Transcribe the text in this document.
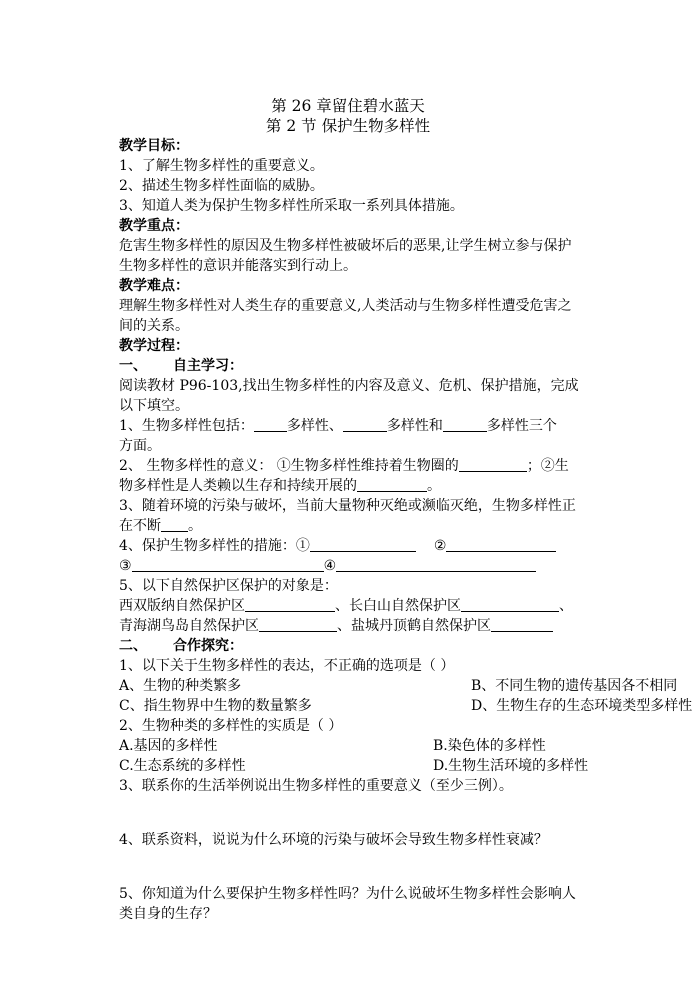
第 26 章留住碧水蓝天
第 2 节 保护生物多样性
教学目标：
1、了解生物多样性的重要意义。
2、描述生物多样性面临的威胁。
3、知道人类为保护生物多样性所采取一系列具体措施。
教学重点：
危害生物多样性的原因及生物多样性被破坏后的恶果,让学生树立参与保护
生物多样性的意识并能落实到行动上。
教学难点：
理解生物多样性对人类生存的重要意义,人类活动与生物多样性遭受危害之
间的关系。
教学过程：
一、 自主学习：
阅读教材 P96-103,找出生物多样性的内容及意义、危机、保护措施，完成
以下填空。
1、生物多样性包括： 多样性、	多样性和	多样性三个
方面。
2、 生物多样性的意义： ①生物多样性维持着生物圈的	；②生
物多样性是人类赖以生存和持续开展的	。
3、随着环境的污染与破坏，当前大量物种灭绝或濒临灭绝，生物多样性正
在不断 。
4、保护生物多样性的措施：①	②
③	④
5、以下自然保护区保护的对象是：
西双版纳自然保护区	、长白山自然保护区	、
青海湖鸟岛自然保护区	、盐城丹顶鹤自然保护区
二、 合作探究：
1、以下关于生物多样性的表达，不正确的选项是（ ）
A、生物的种类繁多	B、不同生物的遗传基因各不相同
C、指生物界中生物的数量繁多	D、生物生存的生态环境类型多样性
2、生物种类的多样性的实质是（ ）
A.基因的多样性	B.染色体的多样性
C.生态系统的多样性	D.生物生活环境的多样性
3、联系你的生活举例说出生物多样性的重要意义（至少三例）。
4、联系资料，说说为什么环境的污染与破坏会导致生物多样性衰减？
5、你知道为什么要保护生物多样性吗？为什么说破坏生物多样性会影响人
类自身的生存？
